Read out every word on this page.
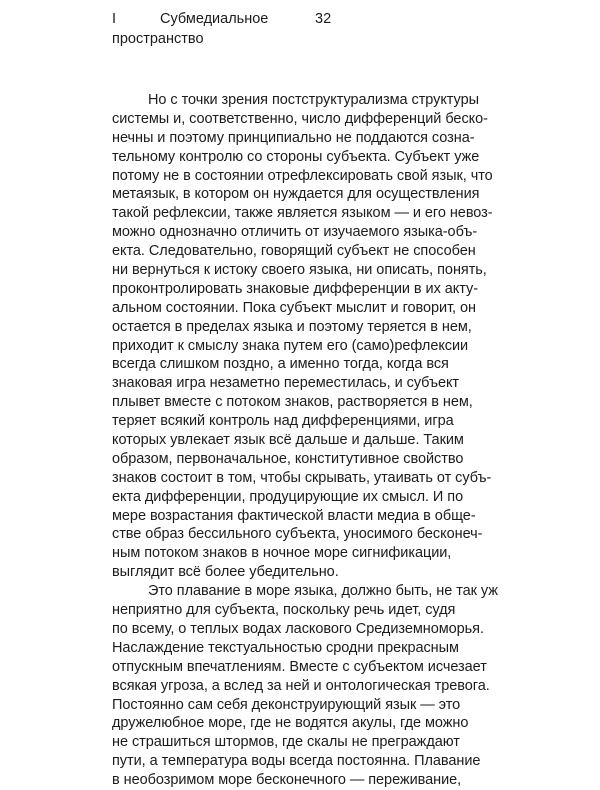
I	Субмедиальное
пространство
32
Но с точки зрения постструктурализма структуры
системы и, соответственно, число дифференций беско-
нечны и поэтому принципиально не поддаются созна-
тельному контролю со стороны субъекта. Субъект уже
потому не в состоянии отрефлексировать свой язык, что
метаязык, в котором он нуждается для осуществления
такой рефлексии, также является языком — и его невоз-
можно однозначно отличить от изучаемого языка-объ-
екта. Следовательно, говорящий субъект не способен
ни вернуться к истоку своего языка, ни описать, понять,
проконтролировать знаковые дифференции в их акту-
альном состоянии. Пока субъект мыслит и говорит, он
остается в пределах языка и поэтому теряется в нем,
приходит к смыслу знака путем его (само)рефлексии
всегда слишком поздно, а именно тогда, когда вся
знаковая игра незаметно переместилась, и субъект
плывет вместе с потоком знаков, растворяется в нем,
теряет всякий контроль над дифференциями, игра
которых увлекает язык всё дальше и дальше. Таким
образом, первоначальное, конститутивное свойство
знаков состоит в том, чтобы скрывать, утаивать от субъ-
екта дифференции, продуцирующие их смысл. И по
мере возрастания фактической власти медиа в обще-
стве образ бессильного субъекта, уносимого бесконеч-
ным потоком знаков в ночное море сигнификации,
выглядит всё более убедительно.
Это плавание в море языка, должно быть, не так уж
неприятно для субъекта, поскольку речь идет, судя
по всему, о теплых водах ласкового Средиземноморья.
Наслаждение текстуальностью сродни прекрасным
отпускным впечатлениям. Вместе с субъектом исчезает
всякая угроза, а вслед за ней и онтологическая тревога.
Постоянно сам себя деконструирующий язык — это
дружелюбное море, где не водятся акулы, где можно
не страшиться штормов, где скалы не преграждают
пути, а температура воды всегда постоянна. Плавание
в необозримом море бесконечного — переживание,
